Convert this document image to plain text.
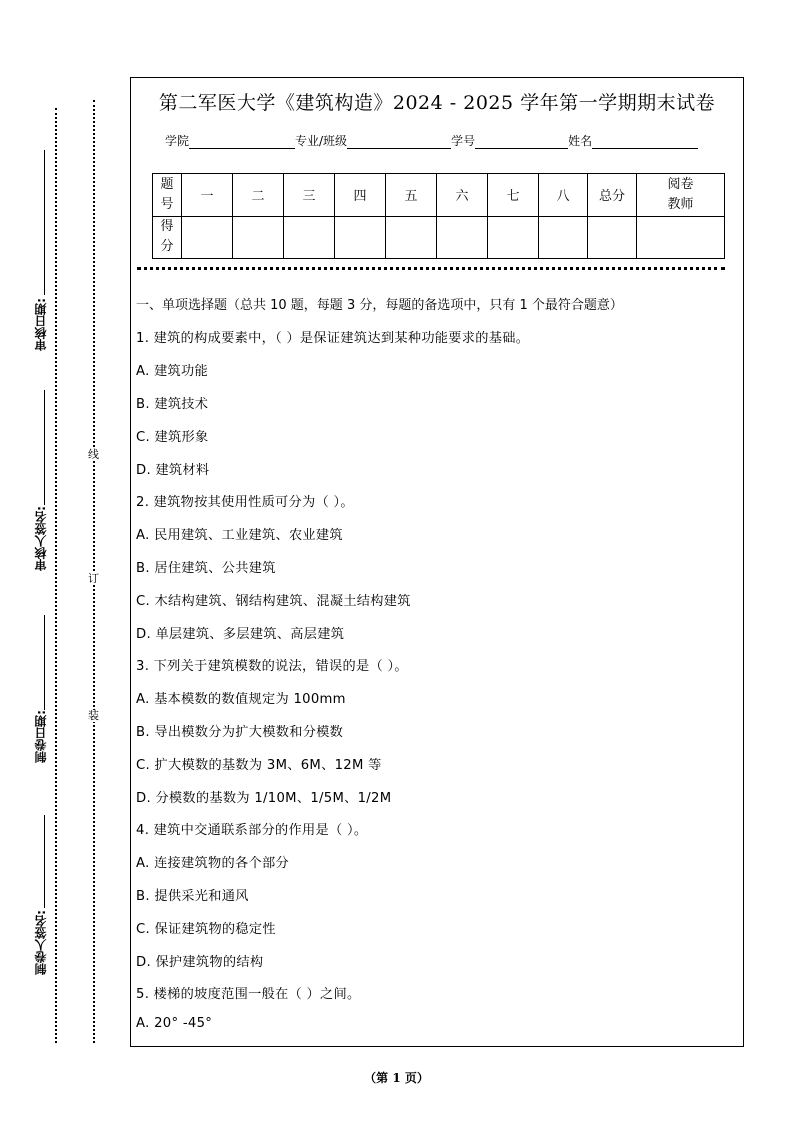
审核日期:
审核人签名:
制卷日期:
制卷人签名:
线
订
装
第二军医大学《建筑构造》2024 - 2025 学年第一学期期末试卷
学院	专业/班级	学号	姓名
题号	一	二	三	四	五	六	七	八	总分	阅卷教师
得分										
一、单项选择题（总共 10 题，每题 3 分，每题的备选项中，只有 1 个最符合题意）
1. 建筑的构成要素中，（ ）是保证建筑达到某种功能要求的基础。
A. 建筑功能
B. 建筑技术
C. 建筑形象
D. 建筑材料
2. 建筑物按其使用性质可分为（ ）。
A. 民用建筑、工业建筑、农业建筑
B. 居住建筑、公共建筑
C. 木结构建筑、钢结构建筑、混凝土结构建筑
D. 单层建筑、多层建筑、高层建筑
3. 下列关于建筑模数的说法，错误的是（ ）。
A. 基本模数的数值规定为 100mm
B. 导出模数分为扩大模数和分模数
C. 扩大模数的基数为 3M、6M、12M 等
D. 分模数的基数为 1/10M、1/5M、1/2M
4. 建筑中交通联系部分的作用是（ ）。
A. 连接建筑物的各个部分
B. 提供采光和通风
C. 保证建筑物的稳定性
D. 保护建筑物的结构
5. 楼梯的坡度范围一般在（ ）之间。
A. 20° -45°
（第 1 页）
